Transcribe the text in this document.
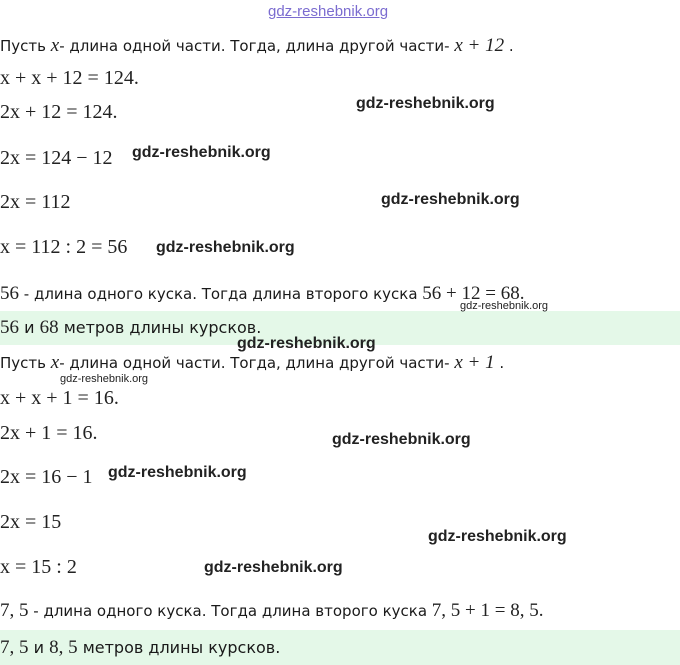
gdz-reshebnik.org
Пусть x- длина одной части. Тогда, длина другой части- x + 12 .
x + x + 12 = 124.
2x + 12 = 124.
2x = 124 − 12
2x = 112
x = 112 : 2 = 56
56 - длина одного куска. Тогда длина второго куска 56 + 12 = 68.
56 и 68 метров длины курсков.
Пусть x- длина одной части. Тогда, длина другой части- x + 1 .
x + x + 1 = 16.
2x + 1 = 16.
2x = 16 − 1
2x = 15
x = 15 : 2
7, 5 - длина одного куска. Тогда длина второго куска 7, 5 + 1 = 8, 5.
7, 5 и 8, 5 метров длины курсков.
gdz-reshebnik.org
gdz-reshebnik.org
gdz-reshebnik.org
gdz-reshebnik.org
gdz-reshebnik.org
gdz-reshebnik.org
gdz-reshebnik.org
gdz-reshebnik.org
gdz-reshebnik.org
gdz-reshebnik.org
gdz-reshebnik.org
